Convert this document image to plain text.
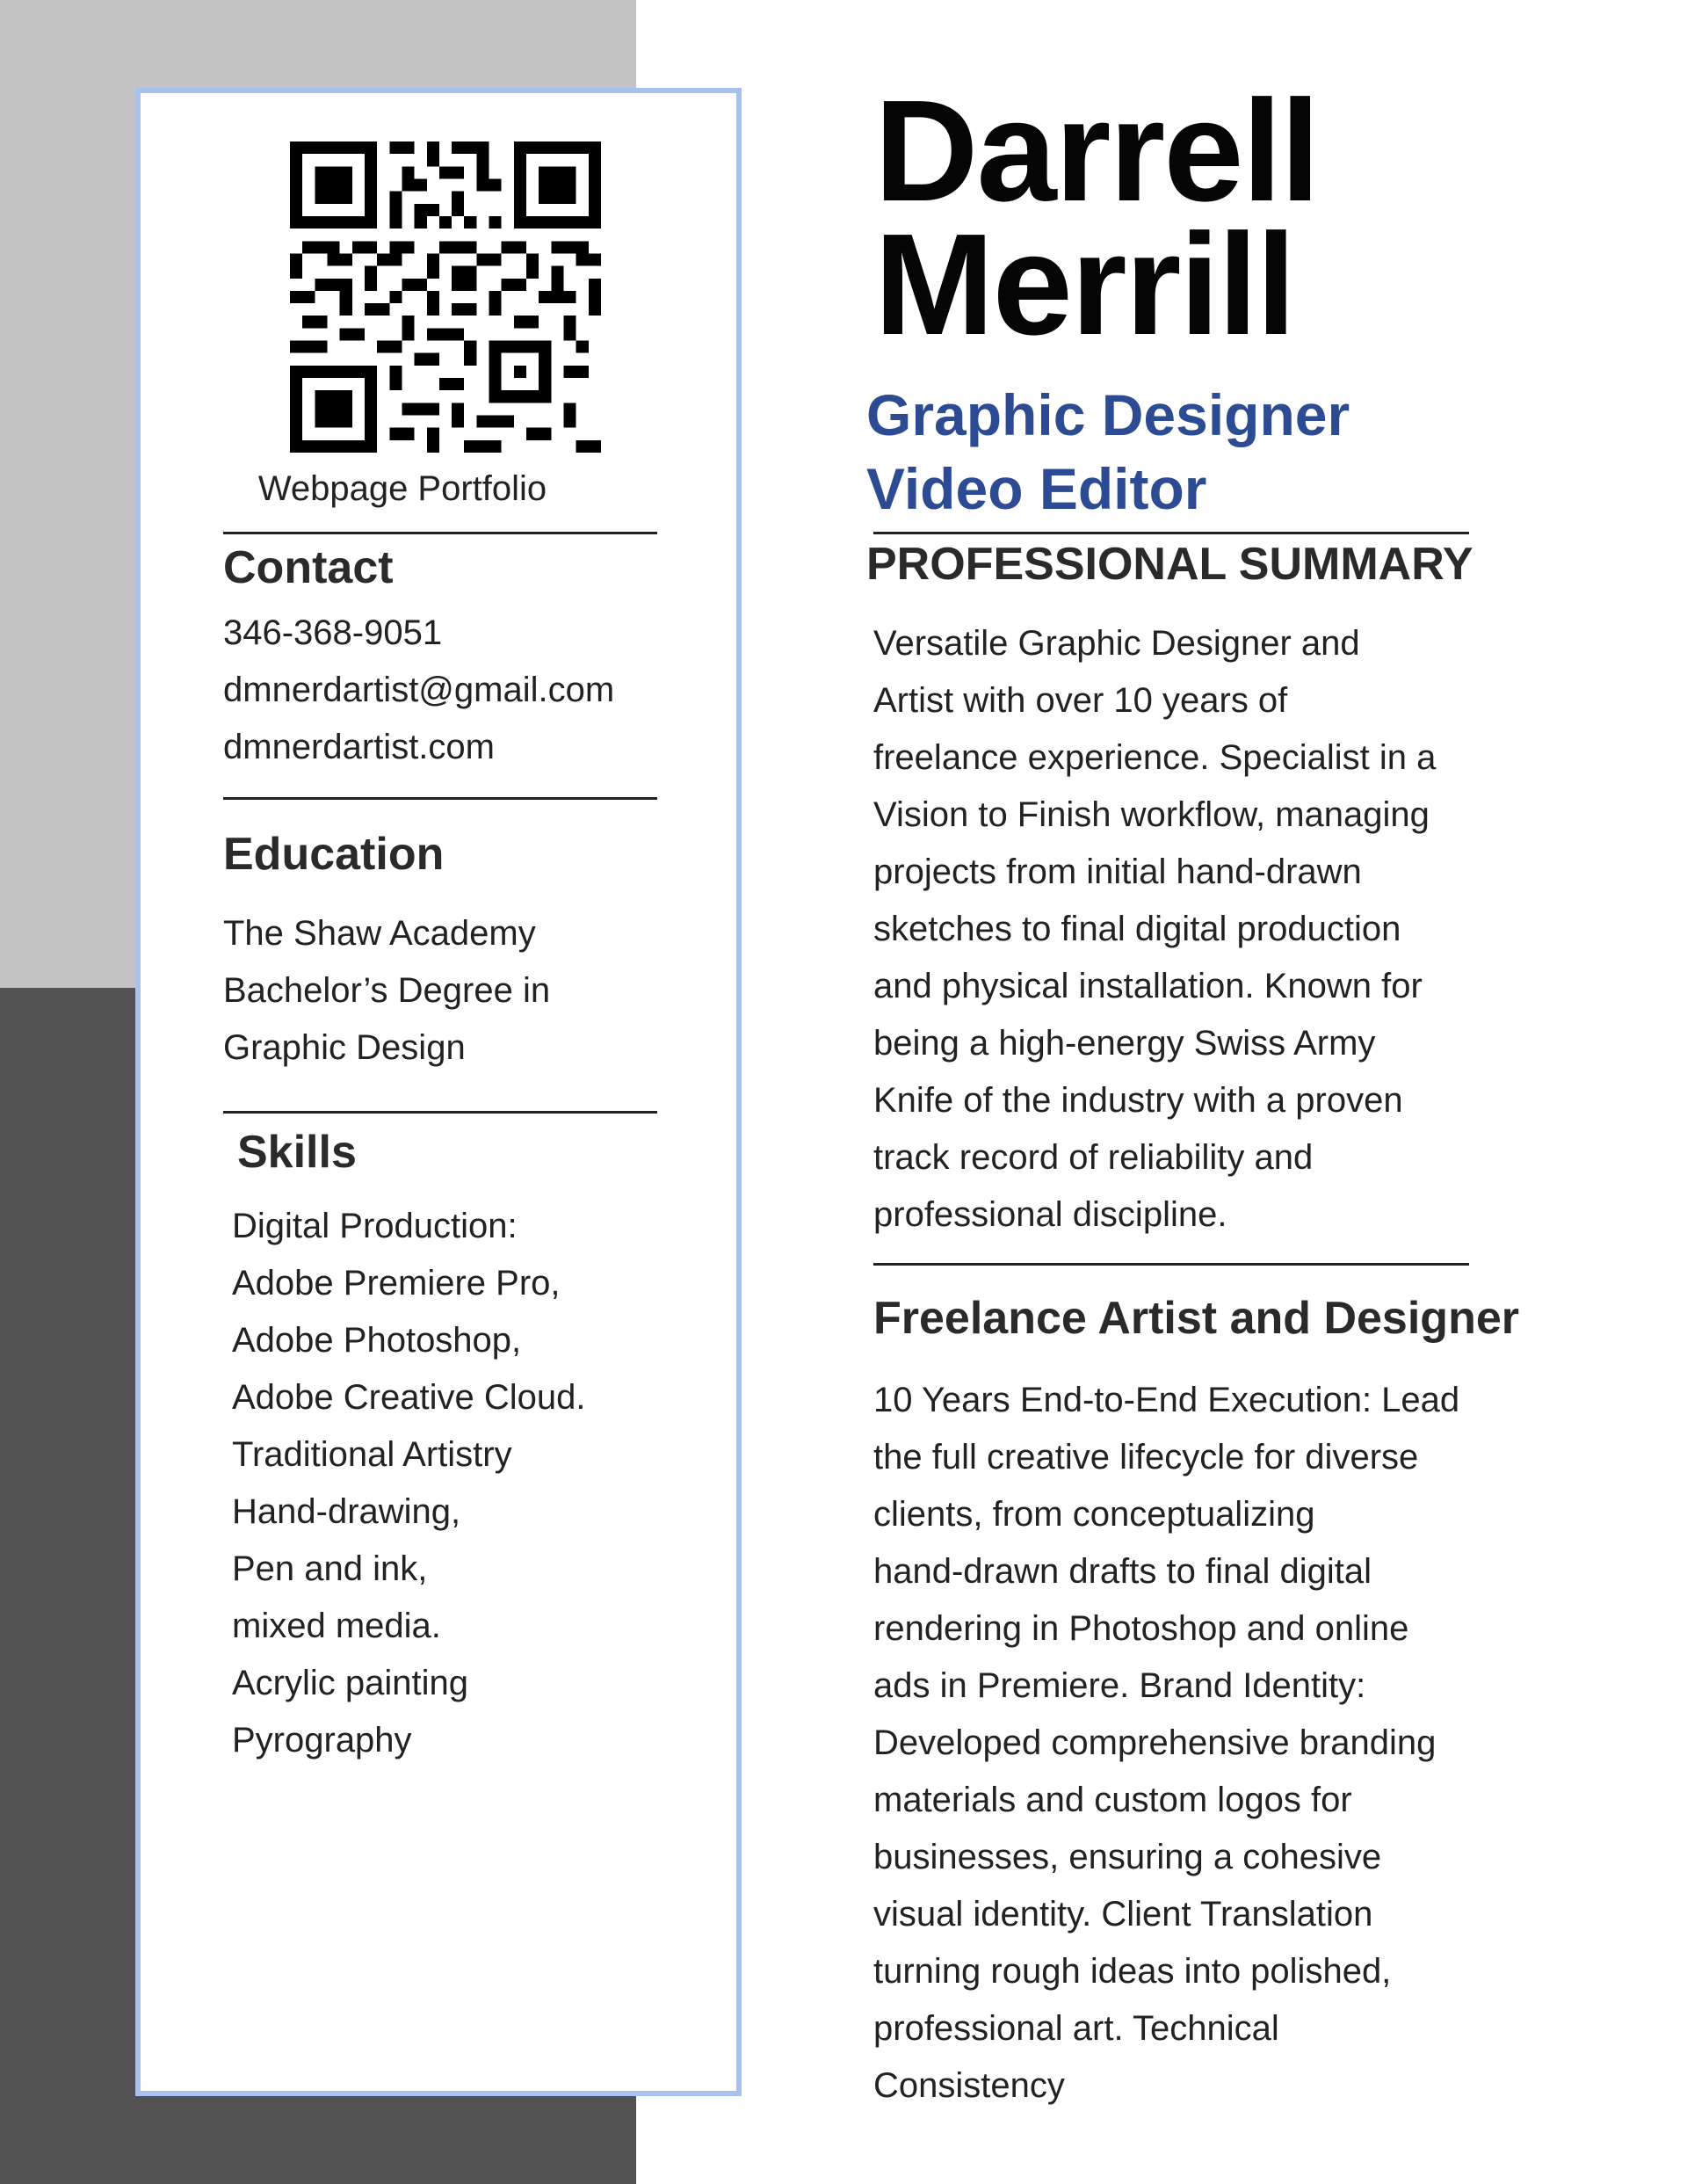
Webpage Portfolio
Contact
346-368-9051
dmnerdartist@gmail.com
dmnerdartist.com
Education
The Shaw Academy
Bachelor’s Degree in
Graphic Design
Skills
Digital Production:
Adobe Premiere Pro,
Adobe Photoshop,
Adobe Creative Cloud.
Traditional Artistry
Hand-drawing,
Pen and ink,
mixed media.
Acrylic painting
Pyrography
Darrell
Merrill
Graphic Designer
Video Editor
PROFESSIONAL SUMMARY
Versatile Graphic Designer and
Artist with over 10 years of
freelance experience. Specialist in a
Vision to Finish workflow, managing
projects from initial hand-drawn
sketches to final digital production
and physical installation. Known for
being a high-energy Swiss Army
Knife of the industry with a proven
track record of reliability and
professional discipline.
Freelance Artist and Designer
10 Years End-to-End Execution: Lead
the full creative lifecycle for diverse
clients, from conceptualizing
hand-drawn drafts to final digital
rendering in Photoshop and online
ads in Premiere. Brand Identity:
Developed comprehensive branding
materials and custom logos for
businesses, ensuring a cohesive
visual identity. Client Translation
turning rough ideas into polished,
professional art. Technical
Consistency
